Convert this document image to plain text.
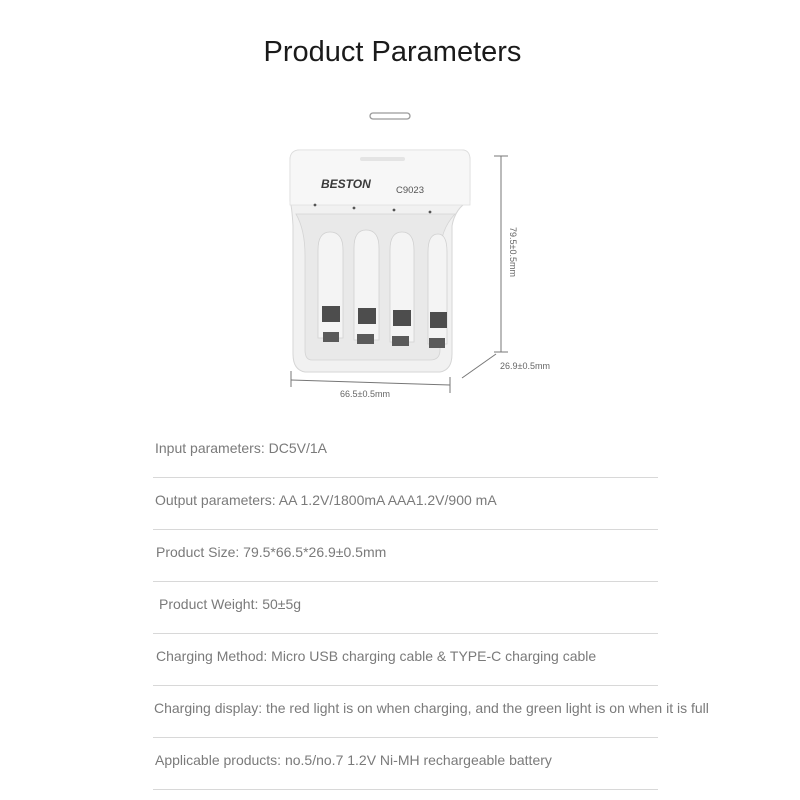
Product Parameters
BESTON	C9023
79.5±0.5mm
26.9±0.5mm
66.5±0.5mm
Input parameters: DC5V/1A
Output parameters: AA 1.2V/1800mA AAA1.2V/900 mA
Product Size: 79.5*66.5*26.9±0.5mm
Product Weight: 50±5g
Charging Method: Micro USB charging cable & TYPE-C charging cable
Charging display: the red light is on when charging, and the green light is on when it is full
Applicable products: no.5/no.7 1.2V Ni-MH rechargeable battery
